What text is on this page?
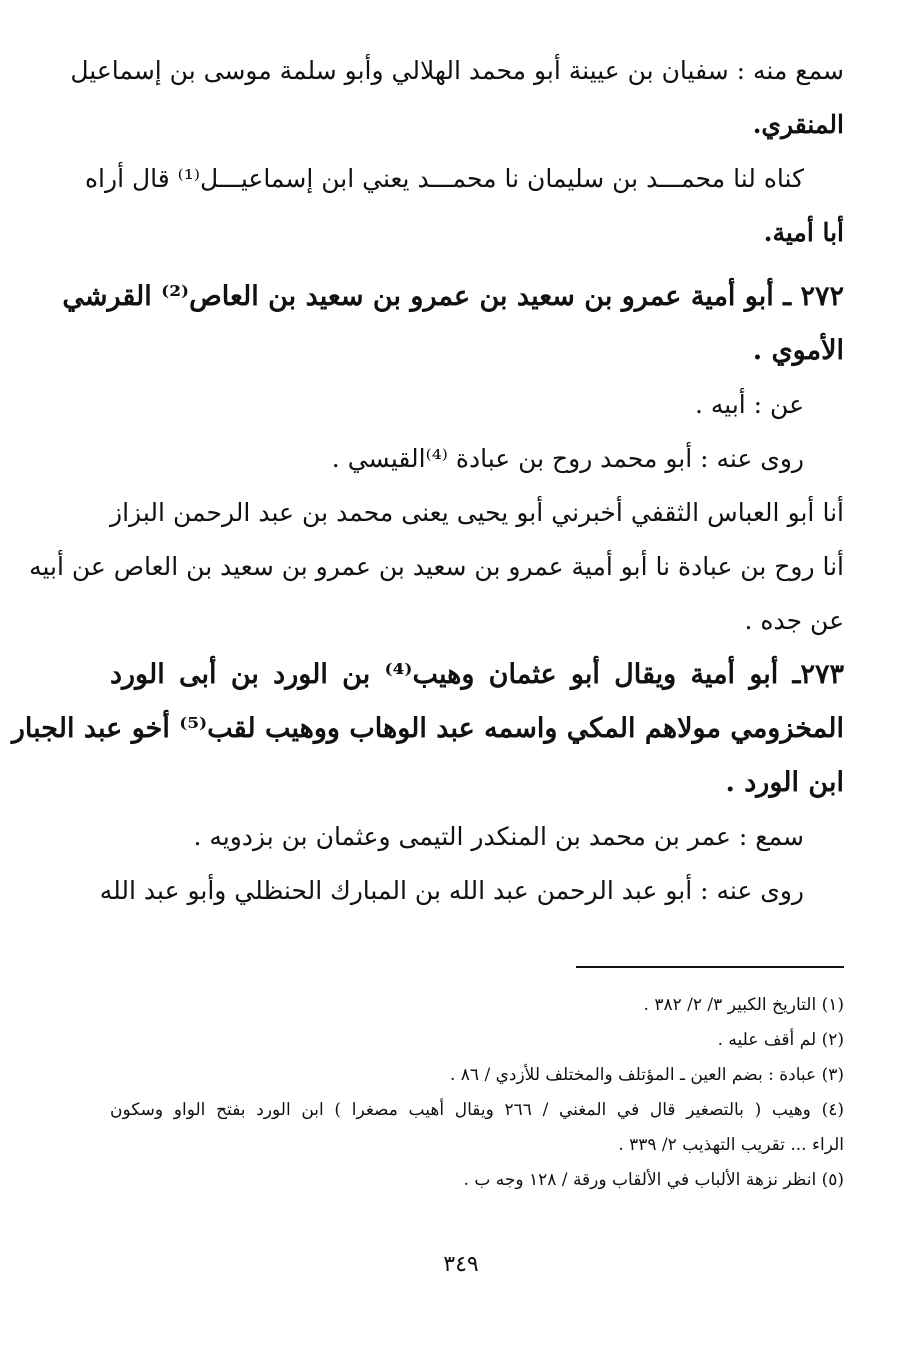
سمع منه : سفيان بن عيينة أبو محمد الهلالي وأبو سلمة موسى بن إسماعيل
المنقري.
كناه لنا محمـــد بن سليمان نا محمـــد يعني ابن إسماعيـــل⁽¹⁾ قال أراه
أبا أمية.
٢٧٢ ـ أبو أمية عمرو بن سعيد بن عمرو بن سعيد بن العاص⁽²⁾ القرشي
الأموي .
عن : أبيه .
روى عنه : أبو محمد روح بن عبادة ⁽⁴⁾القيسي .
أنا أبو العباس الثقفي أخبرني أبو يحيى يعنى محمد بن عبد الرحمن البزاز
أنا روح بن عبادة نا أبو أمية عمرو بن سعيد بن عمرو بن سعيد بن العاص عن أبيه
عن جده .
٢٧٣ـ أبو أمية ويقال أبو عثمان وهيب⁽⁴⁾ بن الورد بن أبى الورد
المخزومي مولاهم المكي واسمه عبد الوهاب ووهيب لقب⁽⁵⁾ أخو عبد الجبار
ابن الورد .
سمع : عمر بن محمد بن المنكدر التيمى وعثمان بن بزدويه .
روى عنه : أبو عبد الرحمن عبد الله بن المبارك الحنظلي وأبو عبد الله
(١) التاريخ الكبير ٣/ ٢/ ٣٨٢ .
(٢) لم أقف عليه .
(٣) عبادة : بضم العين ـ المؤتلف والمختلف للأزدي / ٨٦ .
(٤) وهيب ( بالتصغير قال في المغني / ٢٦٦ ويقال أهيب مصغرا ) ابن الورد بفتح الواو وسكون
الراء ... تقريب التهذيب ٢/ ٣٣٩ .
(٥) انظر نزهة الألباب في الألقاب ورقة / ١٢٨ وجه ب .
٣٤٩
